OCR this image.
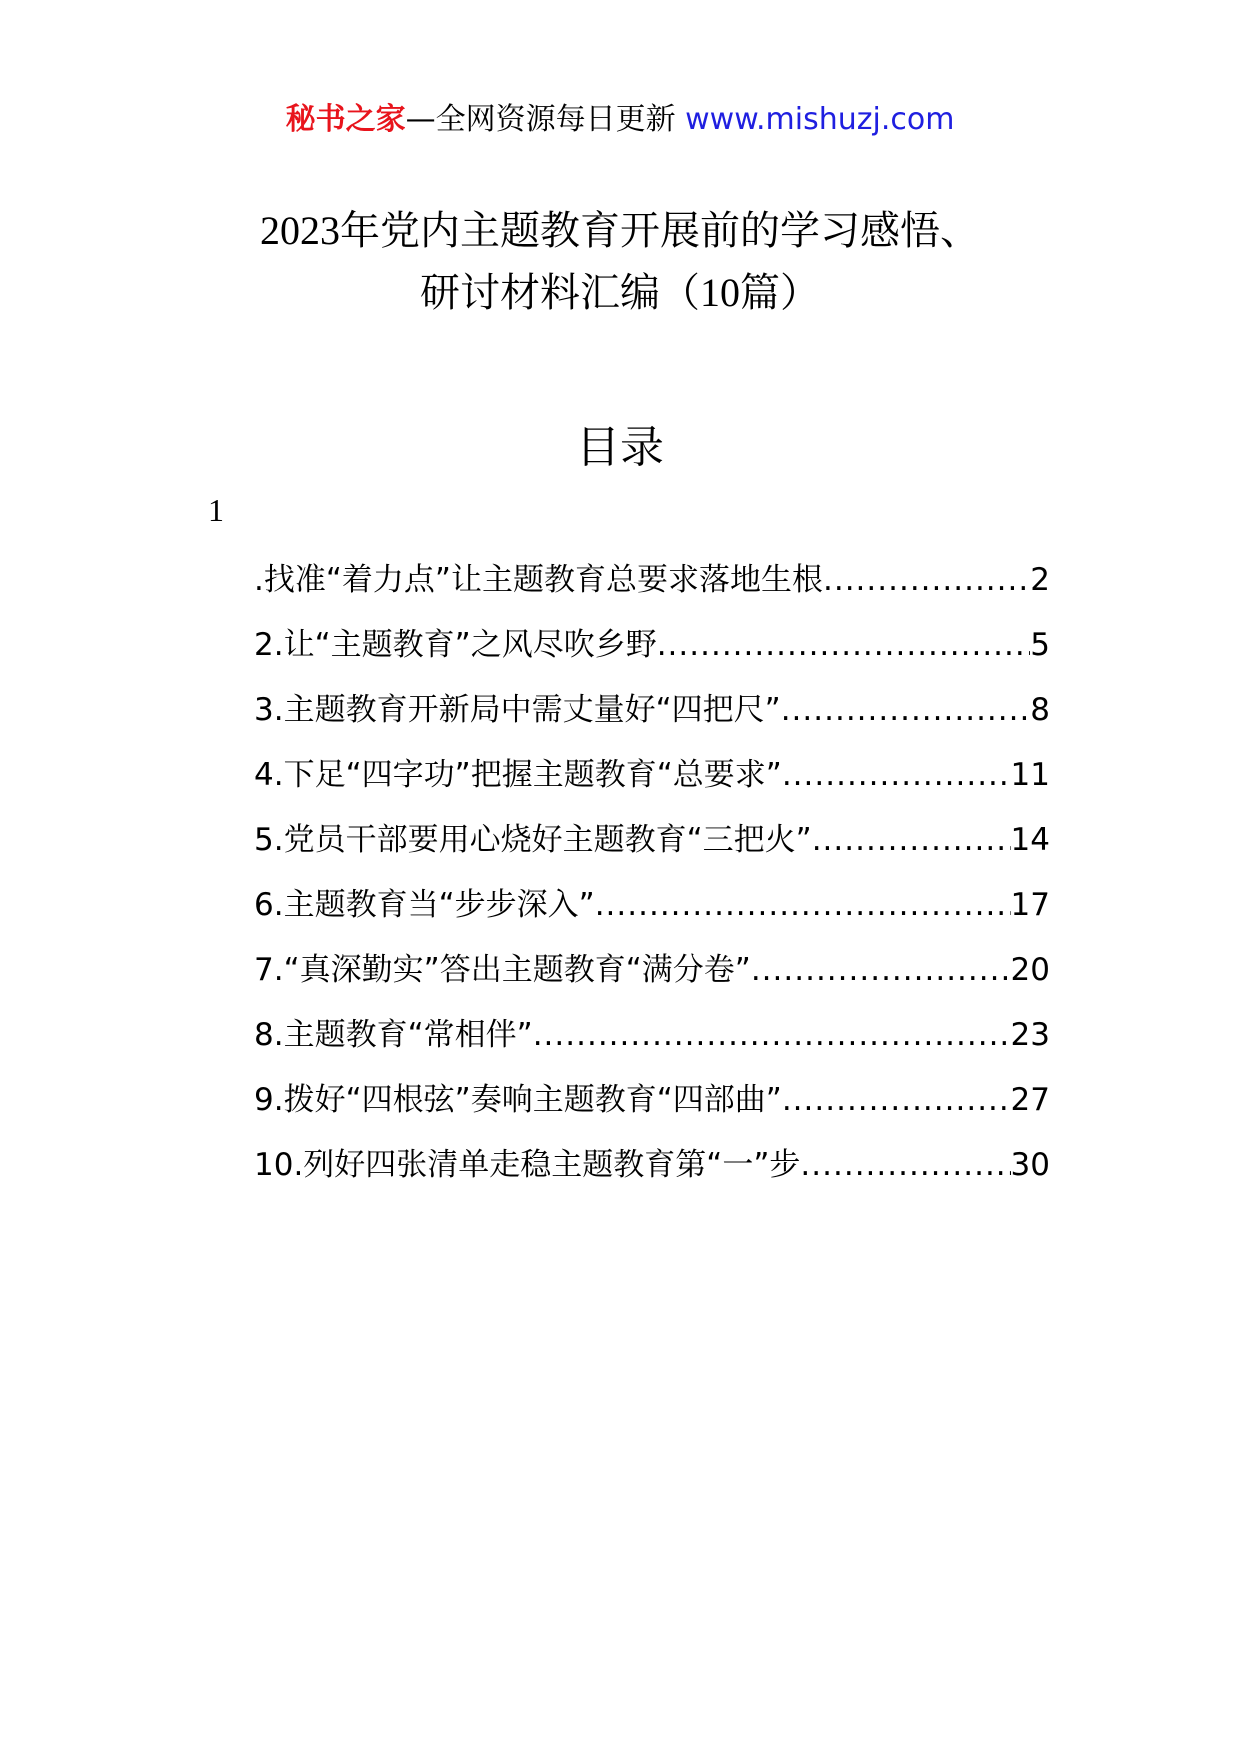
秘书之家—全网资源每日更新 www.mishuzj.com
2023年党内主题教育开展前的学习感悟、
研讨材料汇编（10篇）
目录
1
.找准“着力点”让主题教育总要求落地生根 .....	2
2.让“主题教育”之风尽吹乡野 .....	5
3.主题教育开新局中需丈量好“四把尺” .....	8
4.下足“四字功”把握主题教育“总要求” .....	11
5.党员干部要用心烧好主题教育“三把火” .....	14
6.主题教育当“步步深入” .....	17
7.“真深勤实”答出主题教育“满分卷” .....	20
8.主题教育“常相伴” .....	23
9.拨好“四根弦”奏响主题教育“四部曲” .....	27
10.列好四张清单走稳主题教育第“一”步 .....	30
